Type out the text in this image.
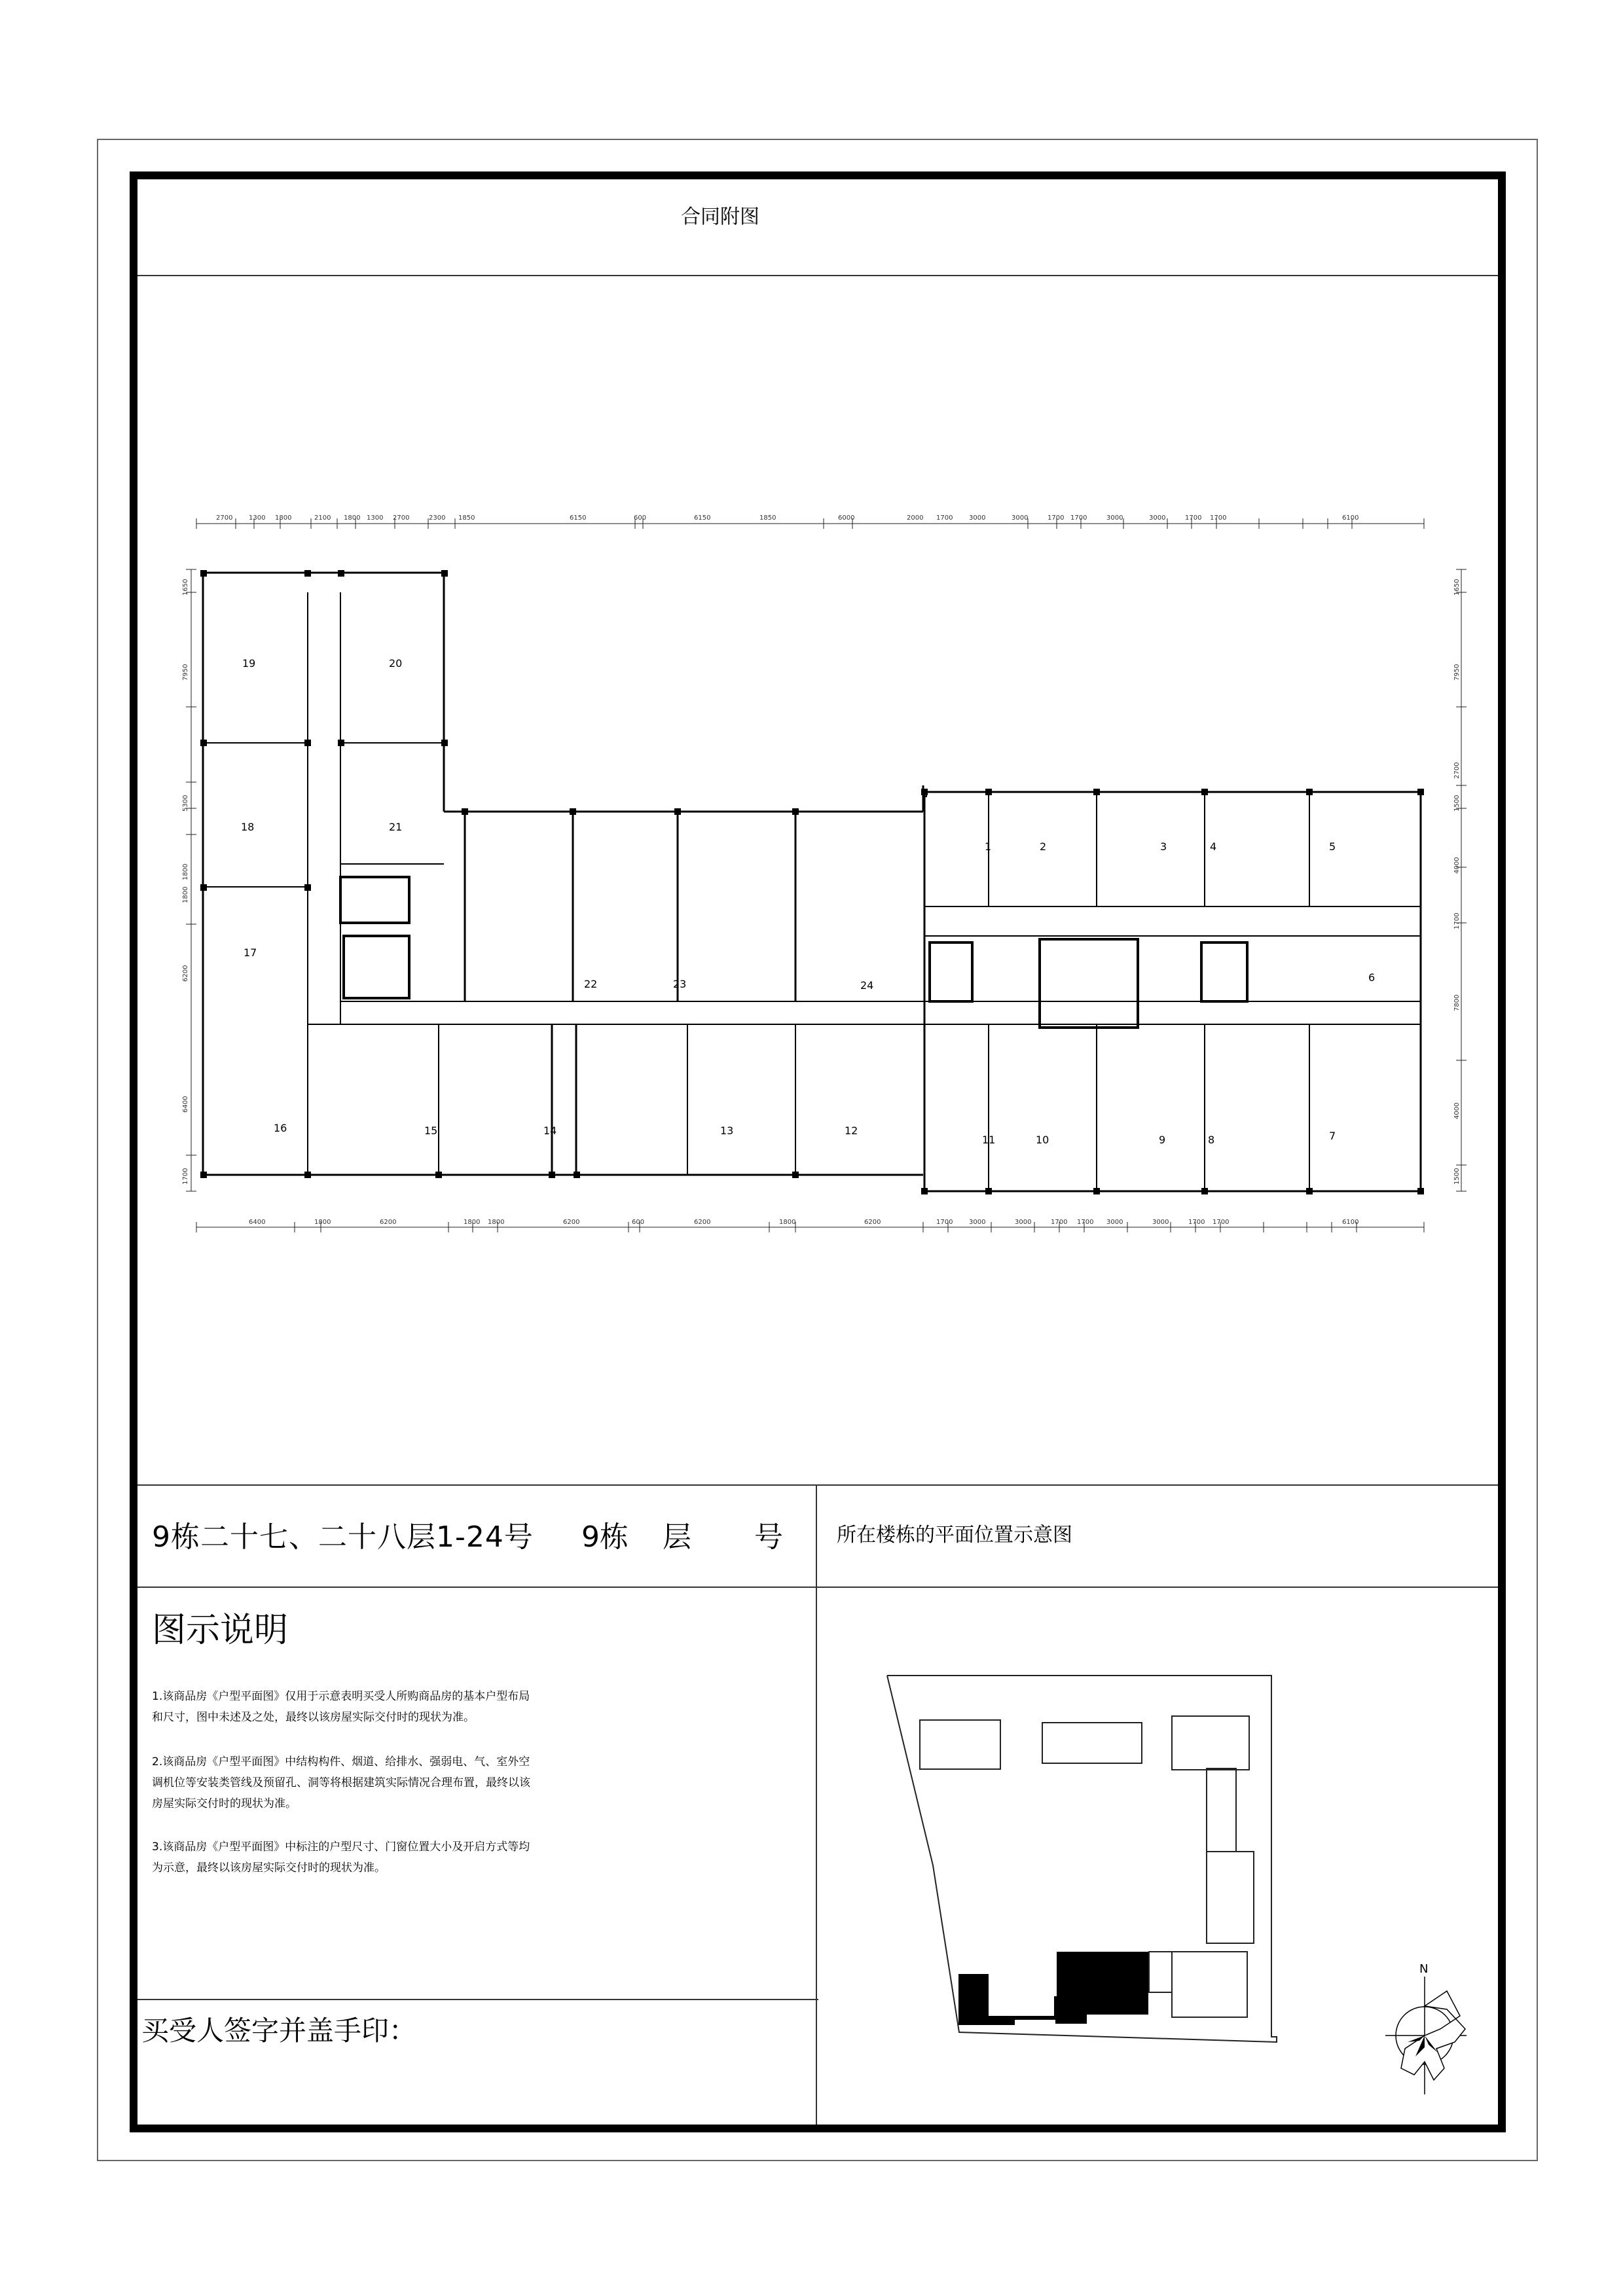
合同附图
2700 1300 1800	2100 1800 1300 2700	2300 1850	6150	600	6150	1850	6000	2000 1700 3000	3000	1700 1700	3000	3000	1700 1700	6100
6400	1800	6200	1800 1800	6200	600	6200	1800	6200	1700 3000	3000	1700 1700 3000	3000	1700 1700	6100
1650
7950
5300
1800
1800
6200
6400
1700
1650
7950
2700
1500
4000
1700
7800
4000
1500
1	2	3	4	5
6
7
8
9
10
11
12
13
14
15
16
17
18
19	20
21
22	23	24
9栋二十七、二十八层1-24号 9栋 层 号	所在楼栋的平面位置示意图
图示说明
1.该商品房《户型平面图》仅用于示意表明买受人所购商品房的基本户型布局
和尺寸，图中未述及之处，最终以该房屋实际交付时的现状为准。
2.该商品房《户型平面图》中结构构件、烟道、给排水、强弱电、气、室外空
调机位等安装类管线及预留孔、洞等将根据建筑实际情况合理布置，最终以该
房屋实际交付时的现状为准。
3.该商品房《户型平面图》中标注的户型尺寸、门窗位置大小及开启方式等均
为示意，最终以该房屋实际交付时的现状为准。
买受人签字并盖手印：
N
